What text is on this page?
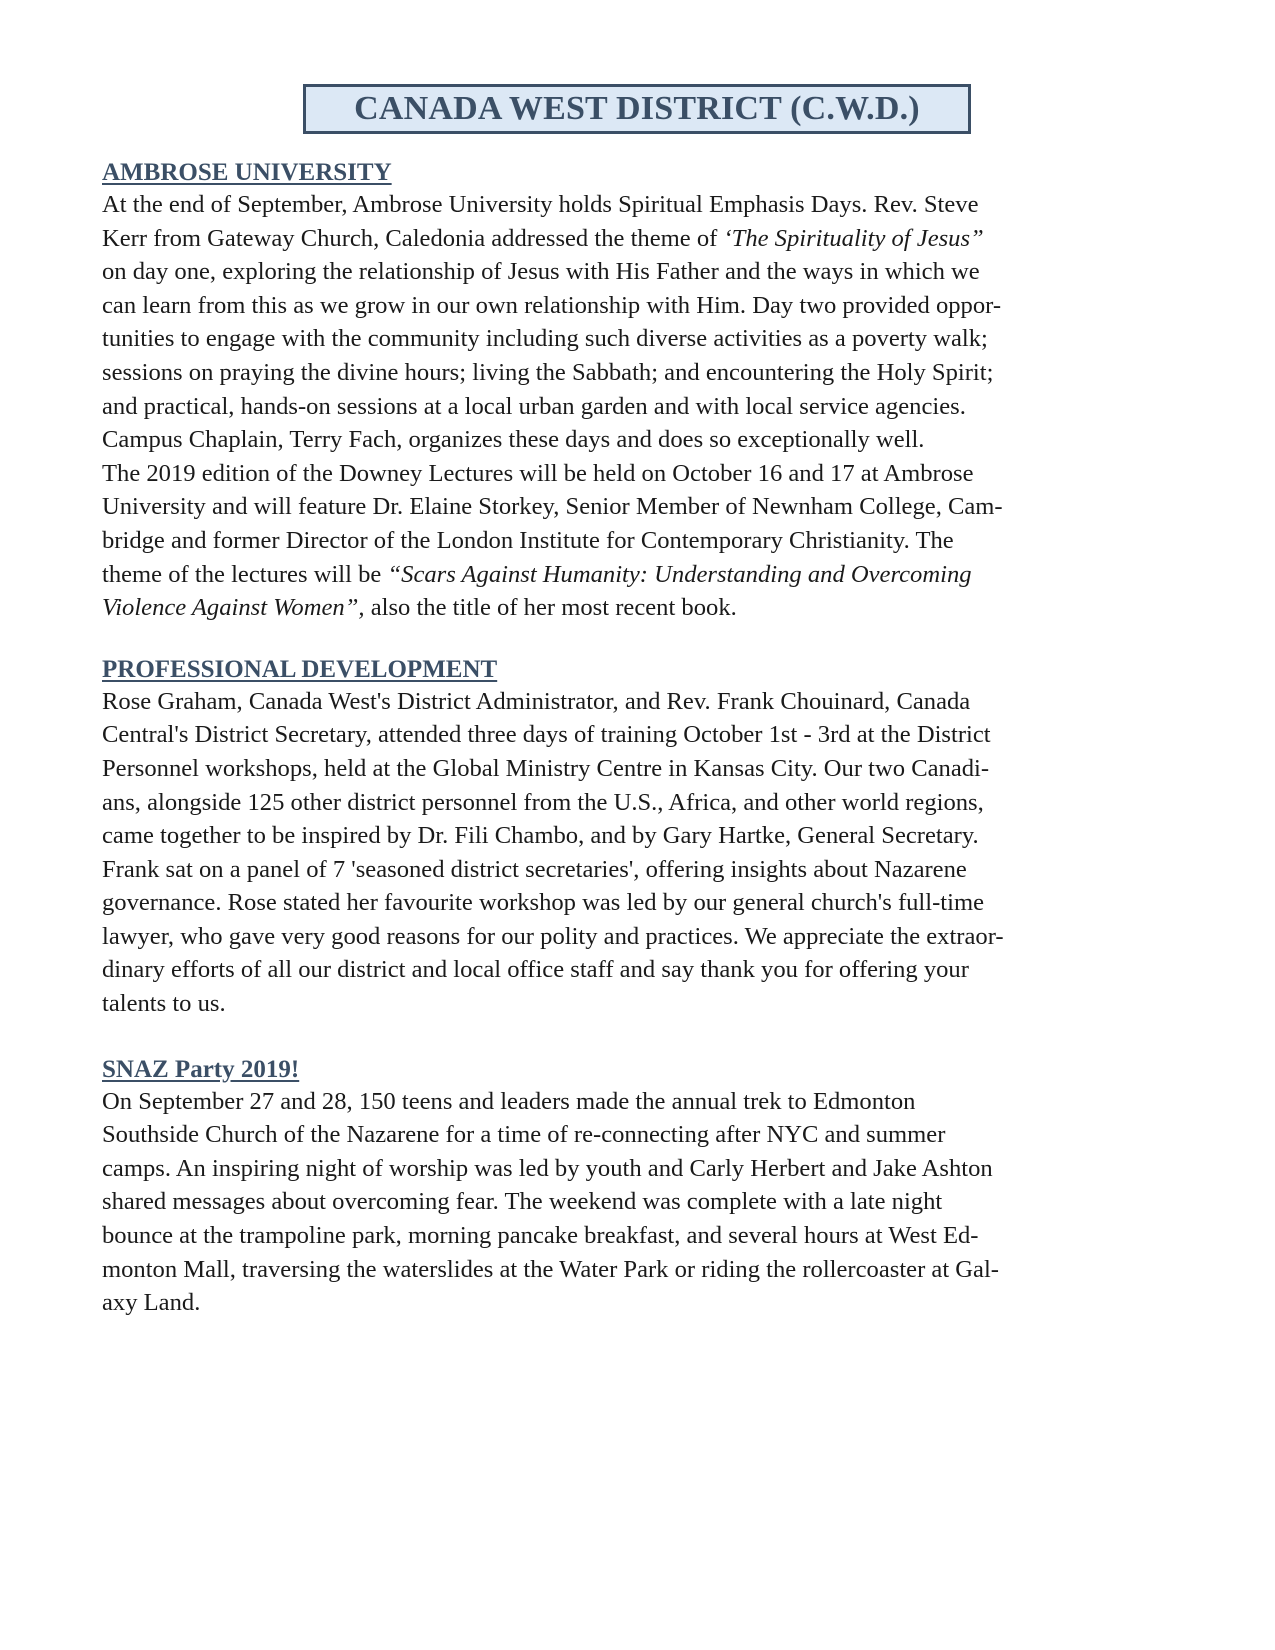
CANADA WEST DISTRICT (C.W.D.)
AMBROSE UNIVERSITY
At the end of September, Ambrose University holds Spiritual Emphasis Days. Rev. Steve
Kerr from Gateway Church, Caledonia addressed the theme of ‘The Spirituality of Jesus”
on day one, exploring the relationship of Jesus with His Father and the ways in which we
can learn from this as we grow in our own relationship with Him. Day two provided oppor-
tunities to engage with the community including such diverse activities as a poverty walk;
sessions on praying the divine hours; living the Sabbath; and encountering the Holy Spirit;
and practical, hands-on sessions at a local urban garden and with local service agencies.
Campus Chaplain, Terry Fach, organizes these days and does so exceptionally well.
The 2019 edition of the Downey Lectures will be held on October 16 and 17 at Ambrose
University and will feature Dr. Elaine Storkey, Senior Member of Newnham College, Cam-
bridge and former Director of the London Institute for Contemporary Christianity. The
theme of the lectures will be “Scars Against Humanity: Understanding and Overcoming
Violence Against Women”, also the title of her most recent book.
PROFESSIONAL DEVELOPMENT
Rose Graham, Canada West's District Administrator, and Rev. Frank Chouinard, Canada
Central's District Secretary, attended three days of training October 1st - 3rd at the District
Personnel workshops, held at the Global Ministry Centre in Kansas City. Our two Canadi-
ans, alongside 125 other district personnel from the U.S., Africa, and other world regions,
came together to be inspired by Dr. Fili Chambo, and by Gary Hartke, General Secretary.
Frank sat on a panel of 7 'seasoned district secretaries', offering insights about Nazarene
governance. Rose stated her favourite workshop was led by our general church's full-time
lawyer, who gave very good reasons for our polity and practices. We appreciate the extraor-
dinary efforts of all our district and local office staff and say thank you for offering your
talents to us.
SNAZ Party 2019!
On September 27 and 28, 150 teens and leaders made the annual trek to Edmonton
Southside Church of the Nazarene for a time of re-connecting after NYC and summer
camps. An inspiring night of worship was led by youth and Carly Herbert and Jake Ashton
shared messages about overcoming fear. The weekend was complete with a late night
bounce at the trampoline park, morning pancake breakfast, and several hours at West Ed-
monton Mall, traversing the waterslides at the Water Park or riding the rollercoaster at Gal-
axy Land.
